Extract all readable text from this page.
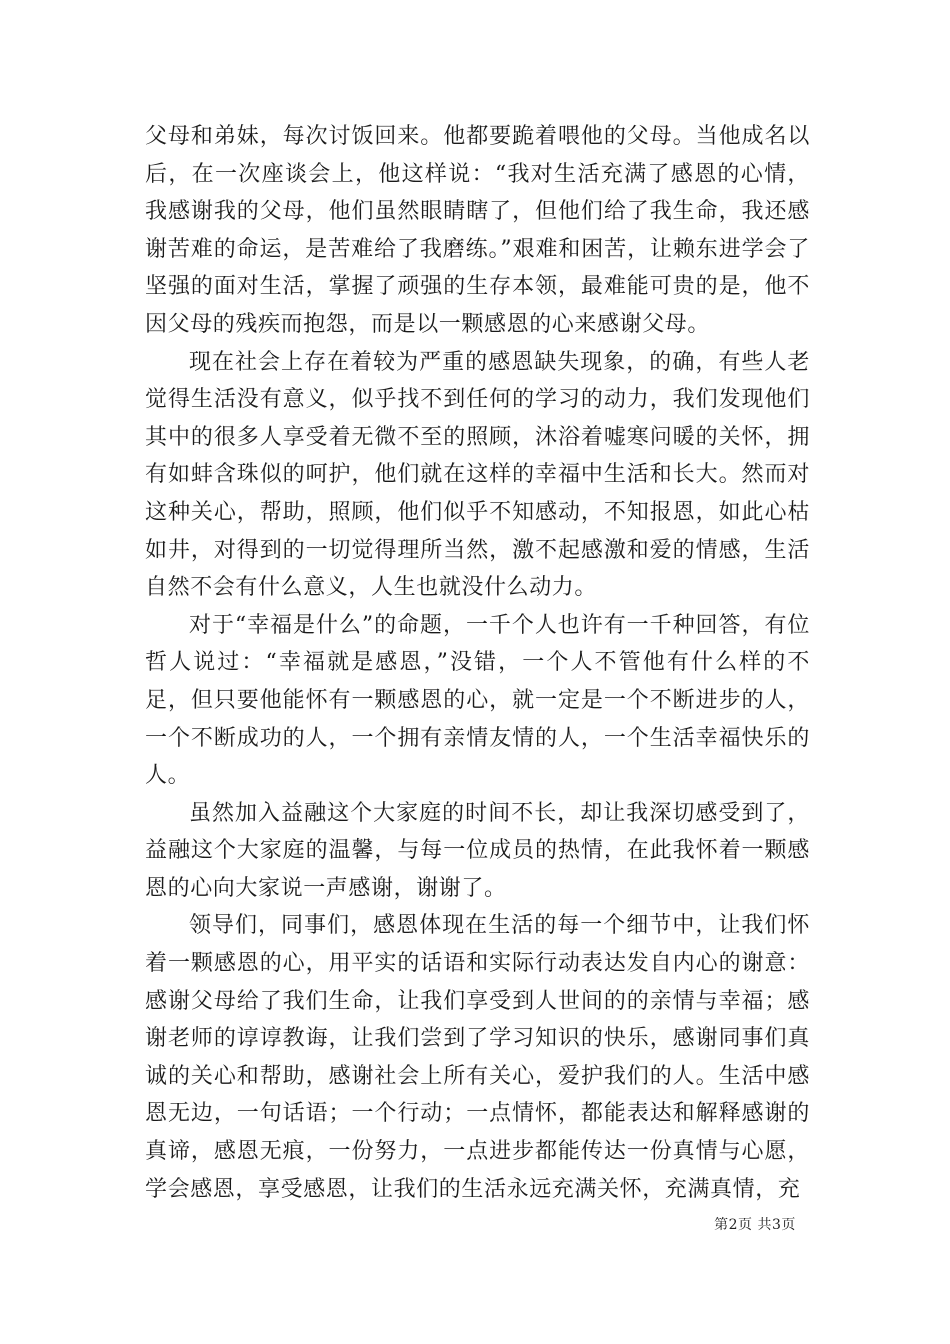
父母和弟妹，每次讨饭回来。他都要跪着喂他的父母。当他成名以后，在一次座谈会上，他这样说：“我对生活充满了感恩的心情，我感谢我的父母，他们虽然眼睛瞎了，但他们给了我生命，我还感谢苦难的命运，是苦难给了我磨练。”艰难和困苦，让赖东进学会了坚强的面对生活，掌握了顽强的生存本领，最难能可贵的是，他不因父母的残疾而抱怨，而是以一颗感恩的心来感谢父母。

现在社会上存在着较为严重的感恩缺失现象，的确，有些人老觉得生活没有意义，似乎找不到任何的学习的动力，我们发现他们其中的很多人享受着无微不至的照顾，沐浴着嘘寒问暖的关怀，拥有如蚌含珠似的呵护，他们就在这样的幸福中生活和长大。然而对这种关心，帮助，照顾，他们似乎不知感动，不知报恩，如此心枯如井，对得到的一切觉得理所当然，激不起感激和爱的情感，生活自然不会有什么意义，人生也就没什么动力。

对于“幸福是什么”的命题，一千个人也许有一千种回答，有位哲人说过：“幸福就是感恩，”没错，一个人不管他有什么样的不足，但只要他能怀有一颗感恩的心，就一定是一个不断进步的人，一个不断成功的人，一个拥有亲情友情的人，一个生活幸福快乐的人。

虽然加入益融这个大家庭的时间不长，却让我深切感受到了，益融这个大家庭的温馨，与每一位成员的热情，在此我怀着一颗感恩的心向大家说一声感谢，谢谢了。

领导们，同事们，感恩体现在生活的每一个细节中，让我们怀着一颗感恩的心，用平实的话语和实际行动表达发自内心的谢意：感谢父母给了我们生命，让我们享受到人世间的的亲情与幸福；感谢老师的谆谆教诲，让我们尝到了学习知识的快乐，感谢同事们真诚的关心和帮助，感谢社会上所有关心，爱护我们的人。生活中感恩无边，一句话语；一个行动；一点情怀，都能表达和解释感谢的真谛，感恩无痕，一份努力，一点进步都能传达一份真情与心愿，学会感恩，享受感恩，让我们的生活永远充满关怀，充满真情，充

第2页 共3页
